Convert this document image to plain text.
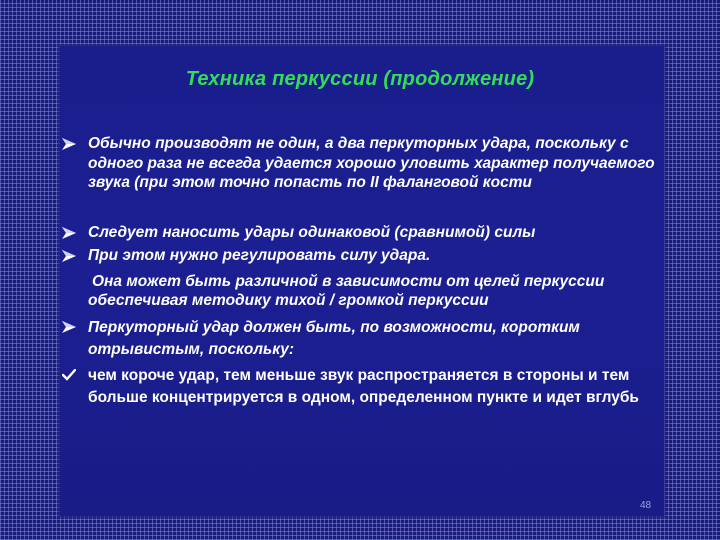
Техника перкуссии (продолжение)
Обычно производят не один, а два перкуторных удара, поскольку с одного раза не всегда удается хорошо уловить характер получаемого звука (при этом точно попасть по II фаланговой кости
Следует наносить удары одинаковой (сравнимой) силы
При этом нужно регулировать силу удара.
Она может быть различной в зависимости от целей перкуссии обеспечивая методику тихой / громкой перкуссии
Перкуторный удар должен быть, по возможности, коротким отрывистым, поскольку:
чем короче удар, тем меньше звук распространяется в стороны и тем больше концентрируется в одном, определенном пункте и идет вглубь
48
